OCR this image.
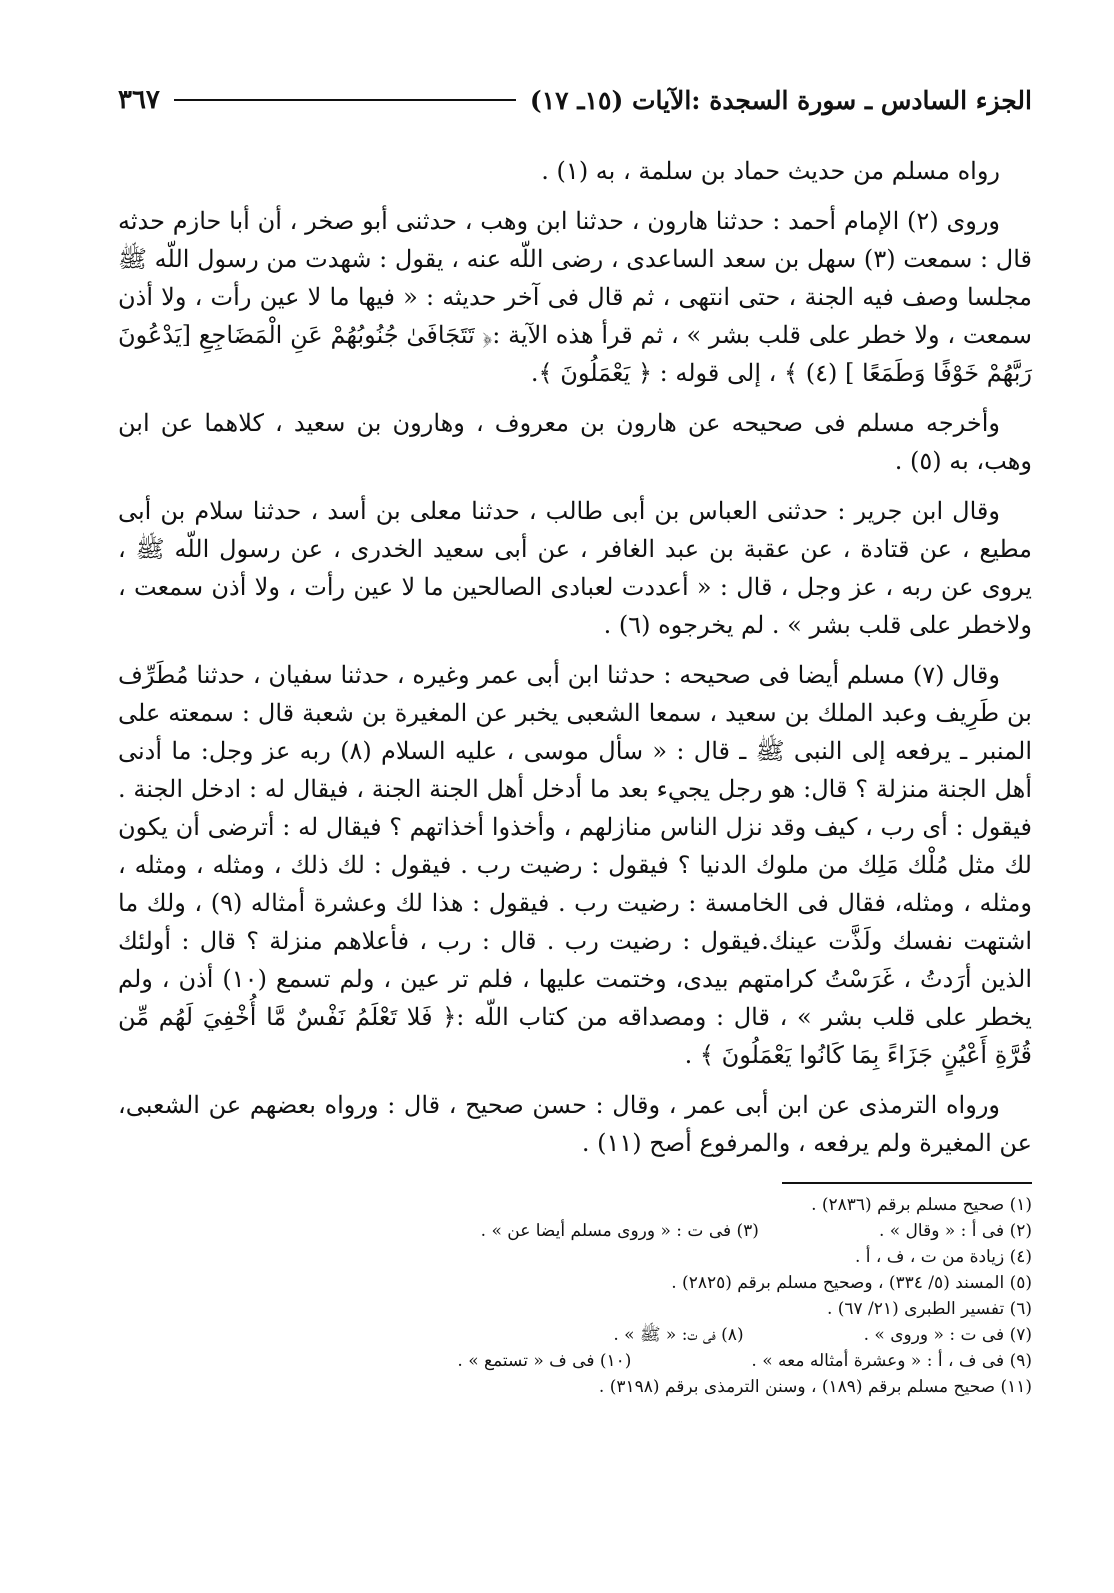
الجزء السادس ـ سورة السجدة :الآيات (١٥ـ ١٧)
٣٦٧

رواه مسلم من حديث حماد بن سلمة ، به (١) .

وروى (٢) الإمام أحمد : حدثنا هارون ، حدثنا ابن وهب ، حدثنى أبو صخر ، أن أبا حازم حدثه قال : سمعت (٣) سهل بن سعد الساعدى ، رضى اللّه عنه ، يقول : شهدت من رسول اللّه ﷺ مجلسا وصف فيه الجنة ، حتى انتهى ، ثم قال فى آخر حديثه : « فيها ما لا عين رأت ، ولا أذن سمعت ، ولا خطر على قلب بشر » ، ثم قرأ هذه الآية :﴿ تَتَجَافَىٰ جُنُوبُهُمْ عَنِ الْمَضَاجِعِ [يَدْعُونَ رَبَّهُمْ خَوْفًا وَطَمَعًا ] (٤) ﴾ ، إلى قوله : ﴿ يَعْمَلُونَ ﴾.

وأخرجه مسلم فى صحيحه عن هارون بن معروف ، وهارون بن سعيد ، كلاهما عن ابن وهب، به (٥) .

وقال ابن جرير : حدثنى العباس بن أبى طالب ، حدثنا معلى بن أسد ، حدثنا سلام بن أبى مطيع ، عن قتادة ، عن عقبة بن عبد الغافر ، عن أبى سعيد الخدرى ، عن رسول اللّه ﷺ ، يروى عن ربه ، عز وجل ، قال : « أعددت لعبادى الصالحين ما لا عين رأت ، ولا أذن سمعت ، ولاخطر على قلب بشر » . لم يخرجوه (٦) .

وقال (٧) مسلم أيضا فى صحيحه : حدثنا ابن أبى عمر وغيره ، حدثنا سفيان ، حدثنا مُطَرِّف بن طَرِيف وعبد الملك بن سعيد ، سمعا الشعبى يخبر عن المغيرة بن شعبة قال : سمعته على المنبر ـ يرفعه إلى النبى ﷺ ـ قال : « سأل موسى ، عليه السلام (٨) ربه عز وجل: ما أدنى أهل الجنة منزلة ؟ قال: هو رجل يجيء بعد ما أدخل أهل الجنة الجنة ، فيقال له : ادخل الجنة . فيقول : أى رب ، كيف وقد نزل الناس منازلهم ، وأخذوا أخذاتهم ؟ فيقال له : أترضى أن يكون لك مثل مُلْك مَلِك من ملوك الدنيا ؟ فيقول : رضيت رب . فيقول : لك ذلك ، ومثله ، ومثله ، ومثله ، ومثله، فقال فى الخامسة : رضيت رب . فيقول : هذا لك وعشرة أمثاله (٩) ، ولك ما اشتهت نفسك ولَذَّت عينك.فيقول : رضيت رب . قال : رب ، فأعلاهم منزلة ؟ قال : أولئك الذين أرَدتُ ، غَرَسْتُ كرامتهم بيدى، وختمت عليها ، فلم تر عين ، ولم تسمع (١٠) أذن ، ولم يخطر على قلب بشر » ، قال : ومصداقه من كتاب اللّه :﴿ فَلا تَعْلَمُ نَفْسٌ مَّا أُخْفِيَ لَهُم مِّن قُرَّةِ أَعْيُنٍ جَزَاءً بِمَا كَانُوا يَعْمَلُونَ ﴾ .

ورواه الترمذى عن ابن أبى عمر ، وقال : حسن صحيح ، قال : ورواه بعضهم عن الشعبى، عن المغيرة ولم يرفعه ، والمرفوع أصح (١١) .

(١) صحيح مسلم برقم (٢٨٣٦) .
(٢) فى أ : « وقال » .
(٣) فى ت : « وروى مسلم أيضا عن » .
(٤) زيادة من ت ، ف ، أ .
(٥) المسند (٥/ ٣٣٤) ، وصحيح مسلم برقم (٢٨٢٥) .
(٦) تفسير الطبرى (٢١/ ٦٧) .
(٧) فى ت : « وروى » .
(٨) فى ت: « ﷺ » .
(٩) فى ف ، أ : « وعشرة أمثاله معه » .
(١٠) فى ف « تستمع » .
(١١) صحيح مسلم برقم (١٨٩) ، وسنن الترمذى برقم (٣١٩٨) .
